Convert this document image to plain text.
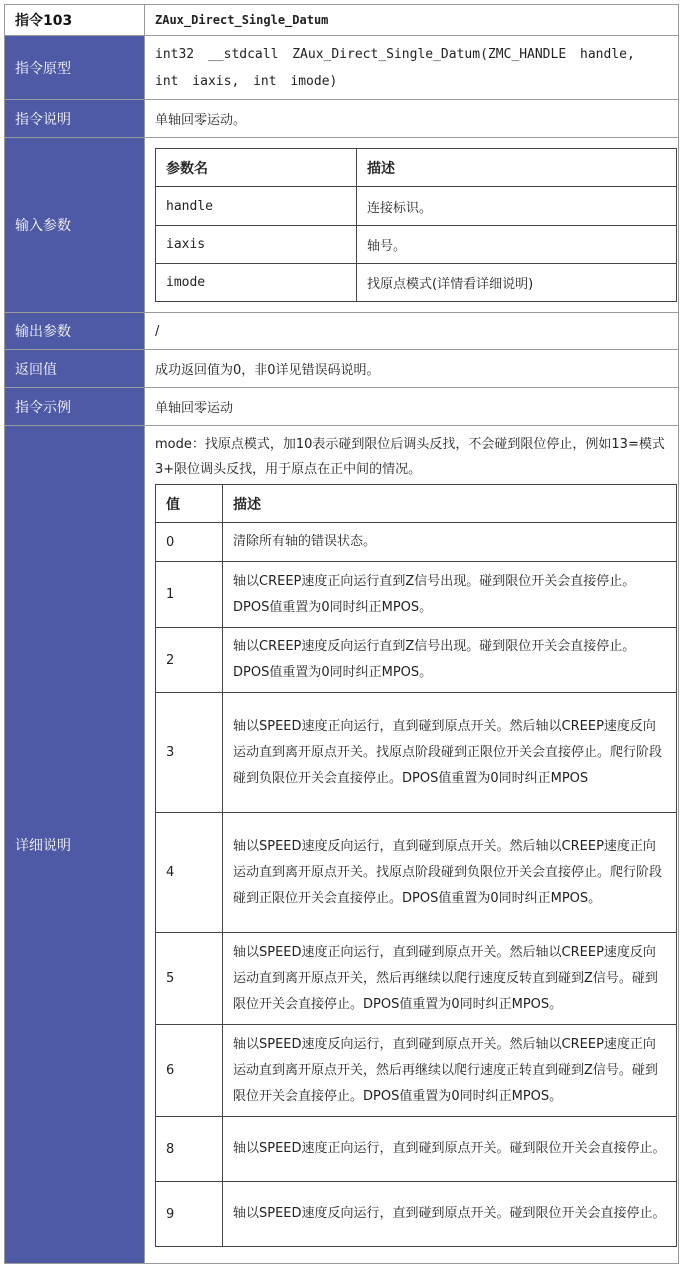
指令103	ZAux_Direct_Single_Datum
指令原型	int32 __stdcall ZAux_Direct_Single_Datum(ZMC_HANDLE handle, int iaxis, int imode)
指令说明	单轴回零运动。
输入参数	
参数名	描述
handle	连接标识。
iaxis	轴号。
imode	找原点模式(详情看详细说明)

输出参数	/
返回值	成功返回值为0，非0详见错误码说明。
指令示例	单轴回零运动
详细说明	
mode：找原点模式，加10表示碰到限位后调头反找，不会碰到限位停止，例如13=模式3+限位调头反找，用于原点在正中间的情况。
值	描述
0	清除所有轴的错误状态。
1	轴以CREEP速度正向运行直到Z信号出现。碰到限位开关会直接停止。DPOS值重置为0同时纠正MPOS。
2	轴以CREEP速度反向运行直到Z信号出现。碰到限位开关会直接停止。DPOS值重置为0同时纠正MPOS。
3	轴以SPEED速度正向运行，直到碰到原点开关。然后轴以CREEP速度反向运动直到离开原点开关。找原点阶段碰到正限位开关会直接停止。爬行阶段碰到负限位开关会直接停止。DPOS值重置为0同时纠正MPOS
4	轴以SPEED速度反向运行，直到碰到原点开关。然后轴以CREEP速度正向运动直到离开原点开关。找原点阶段碰到负限位开关会直接停止。爬行阶段碰到正限位开关会直接停止。DPOS值重置为0同时纠正MPOS。
5	轴以SPEED速度正向运行，直到碰到原点开关。然后轴以CREEP速度反向运动直到离开原点开关，然后再继续以爬行速度反转直到碰到Z信号。碰到限位开关会直接停止。DPOS值重置为0同时纠正MPOS。
6	轴以SPEED速度反向运行，直到碰到原点开关。然后轴以CREEP速度正向运动直到离开原点开关，然后再继续以爬行速度正转直到碰到Z信号。碰到限位开关会直接停止。DPOS值重置为0同时纠正MPOS。
8	轴以SPEED速度正向运行，直到碰到原点开关。碰到限位开关会直接停止。
9	轴以SPEED速度反向运行，直到碰到原点开关。碰到限位开关会直接停止。
